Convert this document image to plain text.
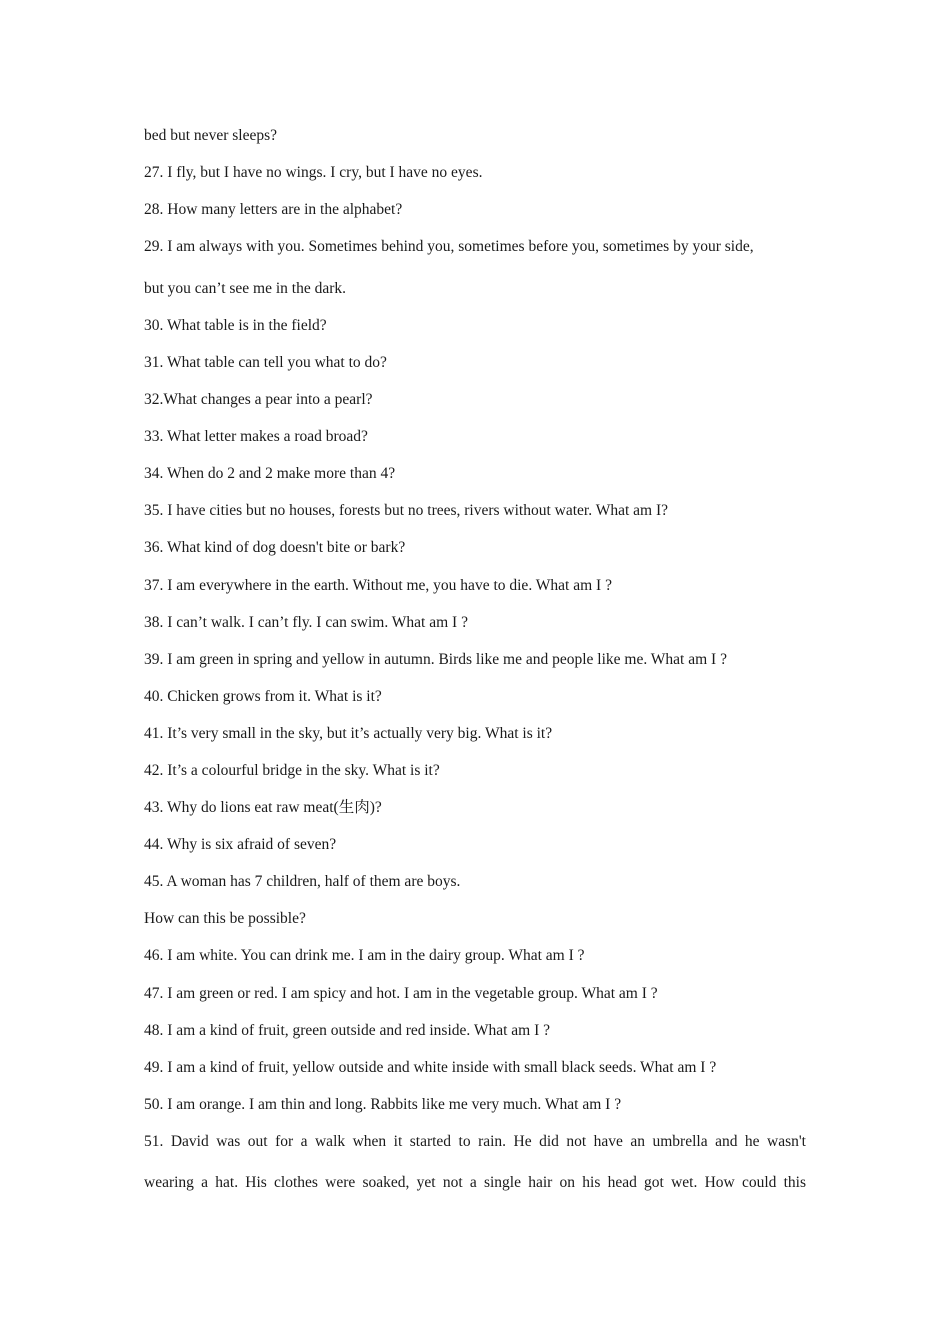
bed but never sleeps?
27. I fly, but I have no wings. I cry, but I have no eyes.
28. How many letters are in the alphabet?
29. I am always with you. Sometimes behind you, sometimes before you, sometimes by your side,
but you can’t see me in the dark.
30. What table is in the field?
31. What table can tell you what to do?
32.What changes a pear into a pearl?
33. What letter makes a road broad?
34. When do 2 and 2 make more than 4?
35. I have cities but no houses, forests but no trees, rivers without water. What am I?
36. What kind of dog doesn't bite or bark?
37. I am everywhere in the earth. Without me, you have to die. What am I ?
38. I can’t walk. I can’t fly. I can swim. What am I ?
39. I am green in spring and yellow in autumn. Birds like me and people like me. What am I ?
40. Chicken grows from it. What is it?
41. It’s very small in the sky, but it’s actually very big. What is it?
42. It’s a colourful bridge in the sky. What is it?
43. Why do lions eat raw meat(生肉)?
44. Why is six afraid of seven?
45. A woman has 7 children, half of them are boys.
How can this be possible?
46. I am white. You can drink me. I am in the dairy group. What am I ?
47. I am green or red. I am spicy and hot. I am in the vegetable group. What am I ?
48. I am a kind of fruit, green outside and red inside. What am I ?
49. I am a kind of fruit, yellow outside and white inside with small black seeds. What am I ?
50. I am orange. I am thin and long. Rabbits like me very much. What am I ?
51. David was out for a walk when it started to rain. He did not have an umbrella and he wasn't
wearing a hat. His clothes were soaked, yet not a single hair on his head got wet. How could this
